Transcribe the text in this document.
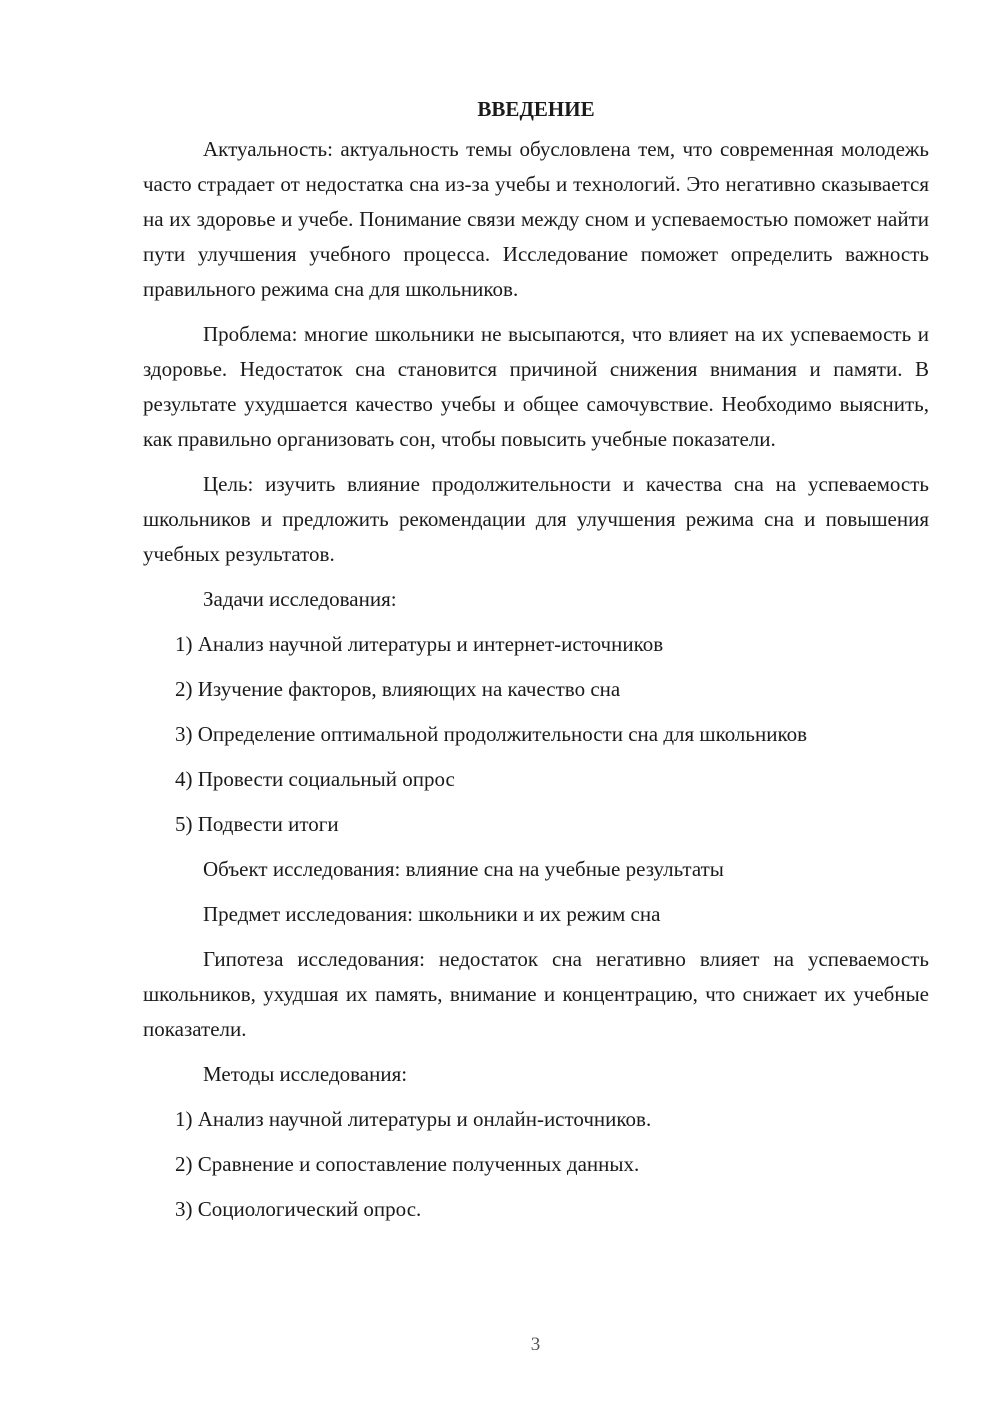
ВВЕДЕНИЕ

Актуальность: актуальность темы обусловлена тем, что современная молодежь часто страдает от недостатка сна из-за учебы и технологий. Это негативно сказывается на их здоровье и учебе. Понимание связи между сном и успеваемостью поможет найти пути улучшения учебного процесса. Исследование поможет определить важность правильного режима сна для школьников.

Проблема: многие школьники не высыпаются, что влияет на их успеваемость и здоровье. Недостаток сна становится причиной снижения внимания и памяти. В результате ухудшается качество учебы и общее самочувствие. Необходимо выяснить, как правильно организовать сон, чтобы повысить учебные показатели.

Цель: изучить влияние продолжительности и качества сна на успеваемость школьников и предложить рекомендации для улучшения режима сна и повышения учебных результатов.

Задачи исследования:

1) Анализ научной литературы и интернет-источников

2) Изучение факторов, влияющих на качество сна

3) Определение оптимальной продолжительности сна для школьников

4) Провести социальный опрос

5) Подвести итоги

Объект исследования: влияние сна на учебные результаты

Предмет исследования: школьники и их режим сна

Гипотеза исследования: недостаток сна негативно влияет на успеваемость школьников, ухудшая их память, внимание и концентрацию, что снижает их учебные показатели.

Методы исследования:

1) Анализ научной литературы и онлайн-источников.

2) Сравнение и сопоставление полученных данных.

3) Социологический опрос.

3
